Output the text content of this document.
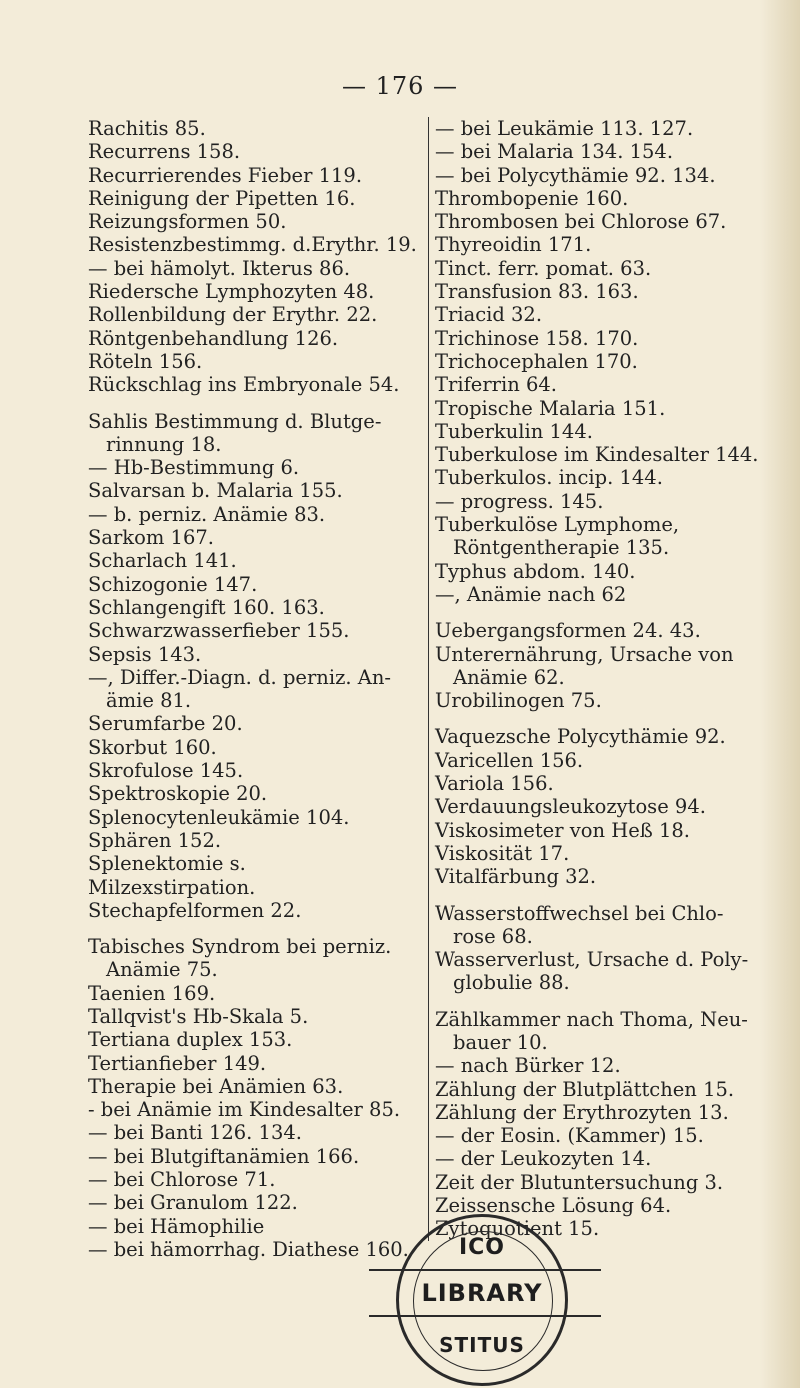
— 176 —
Rachitis 85.
Recurrens 158.
Recurrierendes Fieber 119.
Reinigung der Pipetten 16.
Reizungsformen 50.
Resistenzbestimmg. d.Erythr. 19.
— bei hämolyt. Ikterus 86.
Riedersche Lymphozyten 48.
Rollenbildung der Erythr. 22.
Röntgenbehandlung 126.
Röteln 156.
Rückschlag ins Embryonale 54.
Sahlis Bestimmung d. Blutge-
rinnung 18.
— Hb-Bestimmung 6.
Salvarsan b. Malaria 155.
— b. perniz. Anämie 83.
Sarkom 167.
Scharlach 141.
Schizogonie 147.
Schlangengift 160. 163.
Schwarzwasserfieber 155.
Sepsis 143.
—, Differ.-Diagn. d. perniz. An-
ämie 81.
Serumfarbe 20.
Skorbut 160.
Skrofulose 145.
Spektroskopie 20.
Splenocytenleukämie 104.
Sphären 152.
Splenektomie s. Milzexstirpation.
Stechapfelformen 22.
Tabisches Syndrom bei perniz.
Anämie 75.
Taenien 169.
Tallqvist's Hb-Skala 5.
Tertiana duplex 153.
Tertianfieber 149.
Therapie bei Anämien 63.
- bei Anämie im Kindesalter 85.
— bei Banti 126. 134.
— bei Blutgiftanämien 166.
— bei Chlorose 71.
— bei Granulom 122.
— bei Hämophilie
— bei hämorrhag. Diathese 160.
— bei Leukämie 113. 127.
— bei Malaria 134. 154.
— bei Polycythämie 92. 134.
Thrombopenie 160.
Thrombosen bei Chlorose 67.
Thyreoidin 171.
Tinct. ferr. pomat. 63.
Transfusion 83. 163.
Triacid 32.
Trichinose 158. 170.
Trichocephalen 170.
Triferrin 64.
Tropische Malaria 151.
Tuberkulin 144.
Tuberkulose im Kindesalter 144.
Tuberkulos. incip. 144.
— progress. 145.
Tuberkulöse Lymphome,
Röntgentherapie 135.
Typhus abdom. 140.
—, Anämie nach 62
Uebergangsformen 24. 43.
Unterernährung, Ursache von
Anämie 62.
Urobilinogen 75.
Vaquezsche Polycythämie 92.
Varicellen 156.
Variola 156.
Verdauungsleukozytose 94.
Viskosimeter von Heß 18.
Viskosität 17.
Vitalfärbung 32.
Wasserstoffwechsel bei Chlo-
rose 68.
Wasserverlust, Ursache d. Poly-
globulie 88.
Zählkammer nach Thoma, Neu-
bauer 10.
— nach Bürker 12.
Zählung der Blutplättchen 15.
Zählung der Erythrozyten 13.
— der Eosin. (Kammer) 15.
— der Leukozyten 14.
Zeit der Blutuntersuchung 3.
Zeissensche Lösung 64.
Zytoquotient 15.
ICO
LIBRARY
STITUS
